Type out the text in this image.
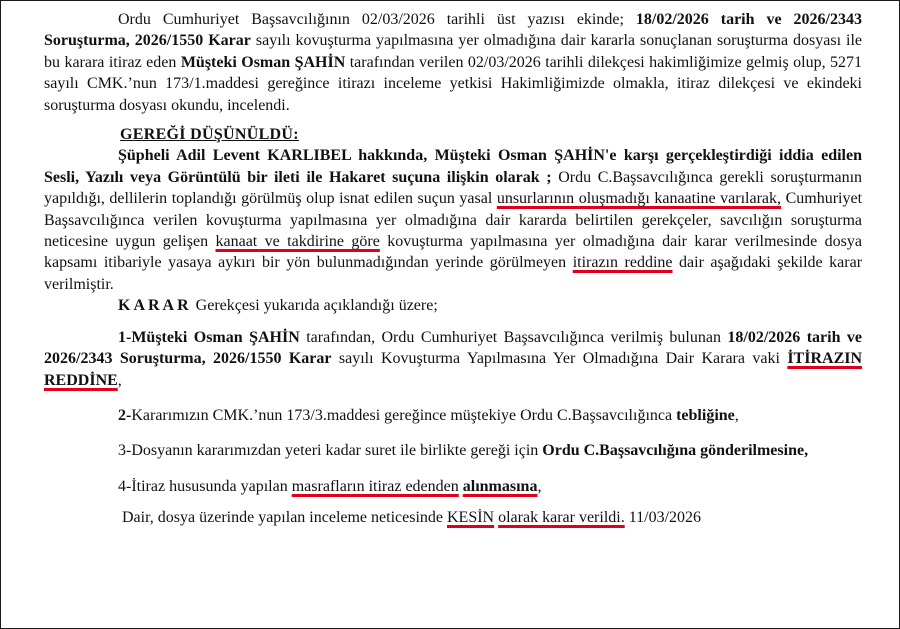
Ordu Cumhuriyet Başsavcılığının 02/03/2026 tarihli üst yazısı ekinde; 18/02/2026 tarih ve 2026/2343 Soruşturma, 2026/1550 Karar sayılı kovuşturma yapılmasına yer olmadığına dair kararla sonuçlanan soruşturma dosyası ile bu karara itiraz eden Müşteki Osman ŞAHİN tarafından verilen 02/03/2026 tarihli dilekçesi hakimliğimize gelmiş olup, 5271 sayılı CMK.’nun 173/1.maddesi gereğince itirazı inceleme yetkisi Hakimliğimizde olmakla, itiraz dilekçesi ve ekindeki soruşturma dosyası okundu, incelendi.

GEREĞİ DÜŞÜNÜLDÜ:

Şüpheli Adil Levent KARLIBEL hakkında, Müşteki Osman ŞAHİN'e karşı gerçekleştirdiği iddia edilen Sesli, Yazılı veya Görüntülü bir ileti ile Hakaret suçuna ilişkin olarak ; Ordu C.Başsavcılığınca gerekli soruşturmanın yapıldığı, dellilerin toplandığı görülmüş olup isnat edilen suçun yasal unsurlarının oluşmadığı kanaatine varılarak, Cumhuriyet Başsavcılığınca verilen kovuşturma yapılmasına yer olmadığına dair kararda belirtilen gerekçeler, savcılığın soruşturma neticesine uygun gelişen kanaat ve takdirine göre kovuşturma yapılmasına yer olmadığına dair karar verilmesinde dosya kapsamı itibariyle yasaya aykırı bir yön bulunmadığından yerinde görülmeyen itirazın reddine dair aşağıdaki şekilde karar verilmiştir.

KARAR Gerekçesi yukarıda açıklandığı üzere;

1-Müşteki Osman ŞAHİN tarafından, Ordu Cumhuriyet Başsavcılığınca verilmiş bulunan 18/02/2026 tarih ve 2026/2343 Soruşturma, 2026/1550 Karar sayılı Kovuşturma Yapılmasına Yer Olmadığına Dair Karara vaki İTİRAZIN REDDİNE,

2-Kararımızın CMK.’nun 173/3.maddesi gereğince müştekiye Ordu C.Başsavcılığınca tebliğine,

3-Dosyanın kararımızdan yeteri kadar suret ile birlikte gereği için Ordu C.Başsavcılığına gönderilmesine,

4-İtiraz hususunda yapılan masrafların itiraz edenden alınmasına,

Dair, dosya üzerinde yapılan inceleme neticesinde KESİN olarak karar verildi. 11/03/2026
